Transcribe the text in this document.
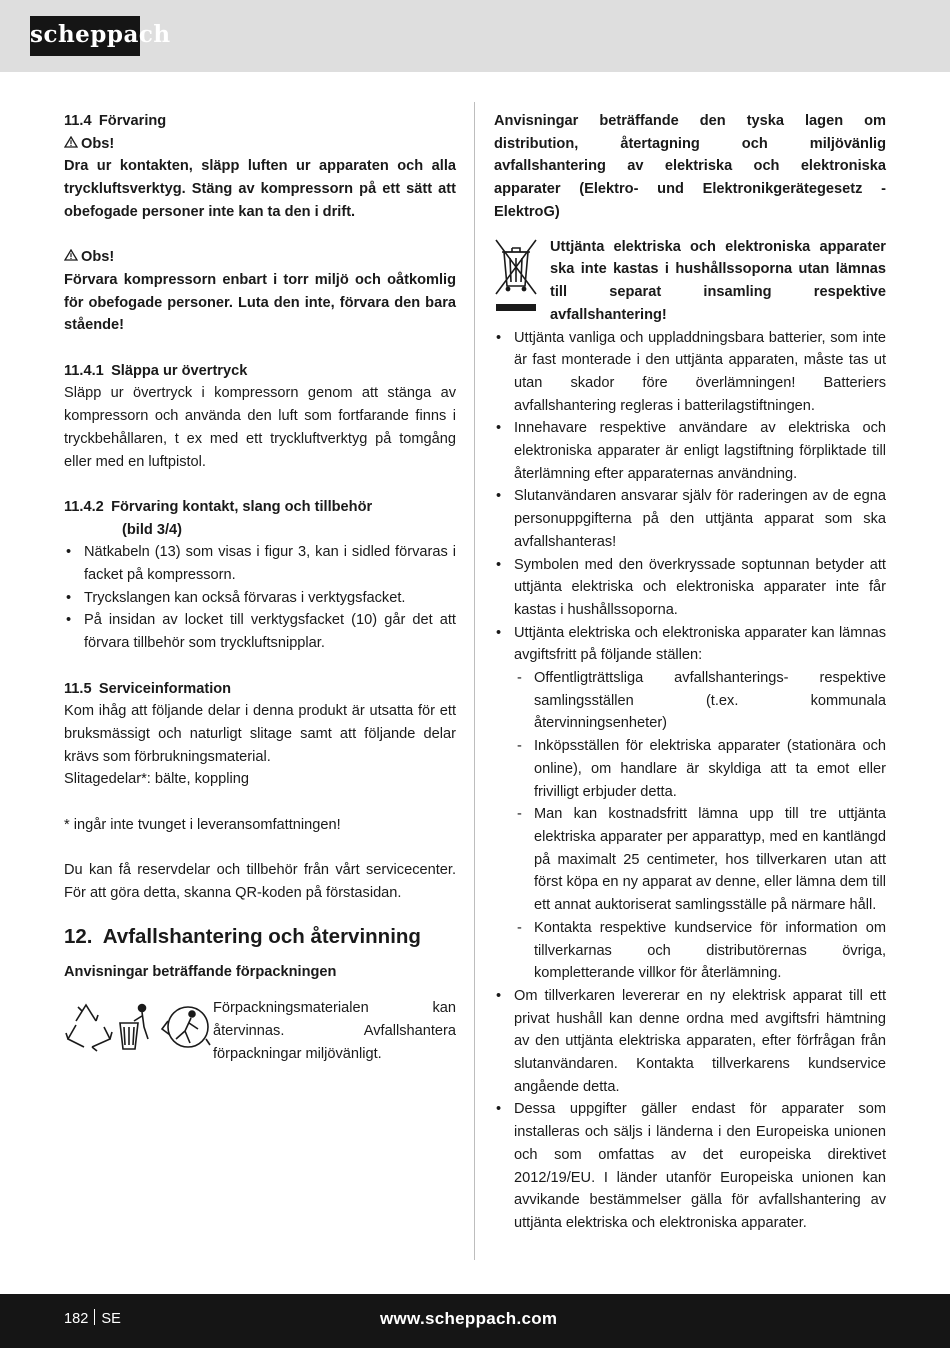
scheppach

11.4 Förvaring

Obs!

Dra ur kontakten, släpp luften ur apparaten och alla tryckluftsverktyg. Stäng av kompressorn på ett sätt att obefogade personer inte kan ta den i drift.

Obs!

Förvara kompressorn enbart i torr miljö och oåtkomlig för obefogade personer. Luta den inte, förvara den bara stående!

11.4.1 Släppa ur övertryck

Släpp ur övertryck i kompressorn genom att stänga av kompressorn och använda den luft som fortfarande finns i tryckbehållaren, t ex med ett tryckluftverktyg på tomgång eller med en luftpistol.

11.4.2 Förvaring kontakt, slang och tillbehör

(bild 3/4)

• Nätkabeln (13) som visas i figur 3, kan i sidled förvaras i facket på kompressorn.
• Tryckslangen kan också förvaras i verktygsfacket.
• På insidan av locket till verktygsfacket (10) går det att förvara tillbehör som tryckluftsnipplar.

11.5 Serviceinformation

Kom ihåg att följande delar i denna produkt är utsatta för ett bruksmässigt och naturligt slitage samt att följande delar krävs som förbrukningsmaterial.

Slitagedelar*: bälte, koppling

* ingår inte tvunget i leveransomfattningen!

Du kan få reservdelar och tillbehör från vårt servicecenter. För att göra detta, skanna QR-koden på förstasidan.

12. Avfallshantering och återvinning

Anvisningar beträffande förpackningen

Förpackningsmaterialen kan återvinnas. Avfallshantera förpackningar miljövänligt.

Anvisningar beträffande den tyska lagen om distribution, återtagning och miljövänlig avfallshantering av elektriska och elektroniska apparater (Elektro- und Elektronikgerätegesetz - ElektroG)

Uttjänta elektriska och elektroniska apparater ska inte kastas i hushållssoporna utan lämnas till separat insamling respektive avfallshantering!

• Uttjänta vanliga och uppladdningsbara batterier, som inte är fast monterade i den uttjänta apparaten, måste tas ut utan skador före överlämningen! Batteriers avfallshantering regleras i batterilagstiftningen.
• Innehavare respektive användare av elektriska och elektroniska apparater är enligt lagstiftning förpliktade till återlämning efter apparaternas användning.
• Slutanvändaren ansvarar själv för raderingen av de egna personuppgifterna på den uttjänta apparat som ska avfallshanteras!
• Symbolen med den överkryssade soptunnan betyder att uttjänta elektriska och elektroniska apparater inte får kastas i hushållssoporna.
• Uttjänta elektriska och elektroniska apparater kan lämnas avgiftsfritt på följande ställen:
- Offentligträttsliga avfallshanterings- respektive samlingsställen (t.ex. kommunala återvinningsenheter)
- Inköpsställen för elektriska apparater (stationära och online), om handlare är skyldiga att ta emot eller frivilligt erbjuder detta.
- Man kan kostnadsfritt lämna upp till tre uttjänta elektriska apparater per apparattyp, med en kantlängd på maximalt 25 centimeter, hos tillverkaren utan att först köpa en ny apparat av denne, eller lämna dem till ett annat auktoriserat samlingsställe på närmare håll.
- Kontakta respektive kundservice för information om tillverkarnas och distributörernas övriga, kompletterande villkor för återlämning.
• Om tillverkaren levererar en ny elektrisk apparat till ett privat hushåll kan denne ordna med avgiftsfri hämtning av den uttjänta elektriska apparaten, efter förfrågan från slutanvändaren. Kontakta tillverkarens kundservice angående detta.
• Dessa uppgifter gäller endast för apparater som installeras och säljs i länderna i den Europeiska unionen och som omfattas av det europeiska direktivet 2012/19/EU. I länder utanför Europeiska unionen kan avvikande bestämmelser gälla för avfallshantering av uttjänta elektriska och elektroniska apparater.
182 SE	www.scheppach.com
